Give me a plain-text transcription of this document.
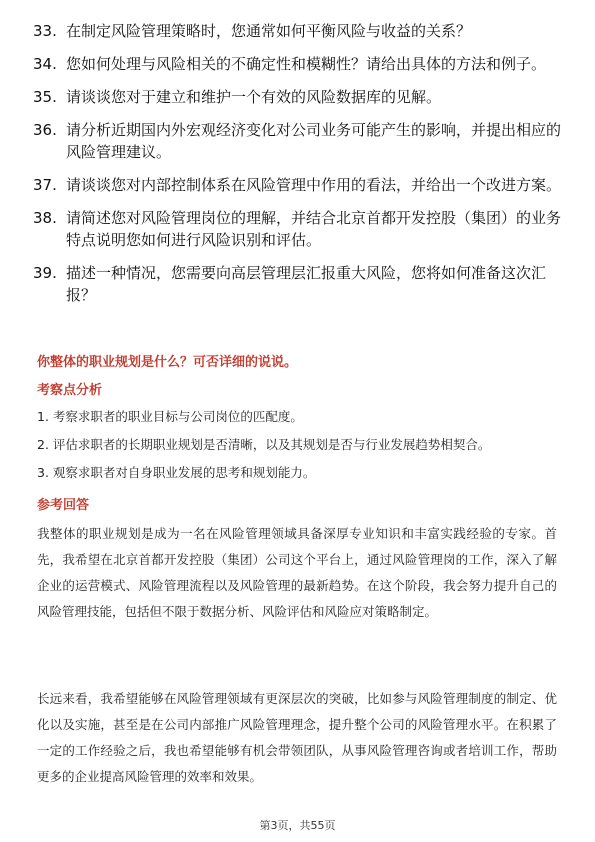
33. 在制定风险管理策略时，您通常如何平衡风险与收益的关系？
34. 您如何处理与风险相关的不确定性和模糊性？请给出具体的方法和例子。
35. 请谈谈您对于建立和维护一个有效的风险数据库的见解。
36. 请分析近期国内外宏观经济变化对公司业务可能产生的影响，并提出相应的风险管理建议。
37. 请谈谈您对内部控制体系在风险管理中作用的看法，并给出一个改进方案。
38. 请简述您对风险管理岗位的理解，并结合北京首都开发控股（集团）的业务特点说明您如何进行风险识别和评估。
39. 描述一种情况，您需要向高层管理层汇报重大风险，您将如何准备这次汇报？
你整体的职业规划是什么？可否详细的说说。
考察点分析
1. 考察求职者的职业目标与公司岗位的匹配度。
2. 评估求职者的长期职业规划是否清晰，以及其规划是否与行业发展趋势相契合。
3. 观察求职者对自身职业发展的思考和规划能力。
参考回答
我整体的职业规划是成为一名在风险管理领域具备深厚专业知识和丰富实践经验的专家。首先，我希望在北京首都开发控股（集团）公司这个平台上，通过风险管理岗的工作，深入了解企业的运营模式、风险管理流程以及风险管理的最新趋势。在这个阶段，我会努力提升自己的风险管理技能，包括但不限于数据分析、风险评估和风险应对策略制定。
长远来看，我希望能够在风险管理领域有更深层次的突破，比如参与风险管理制度的制定、优化以及实施，甚至是在公司内部推广风险管理理念，提升整个公司的风险管理水平。在积累了一定的工作经验之后，我也希望能够有机会带领团队，从事风险管理咨询或者培训工作，帮助更多的企业提高风险管理的效率和效果。
第3页，共55页
